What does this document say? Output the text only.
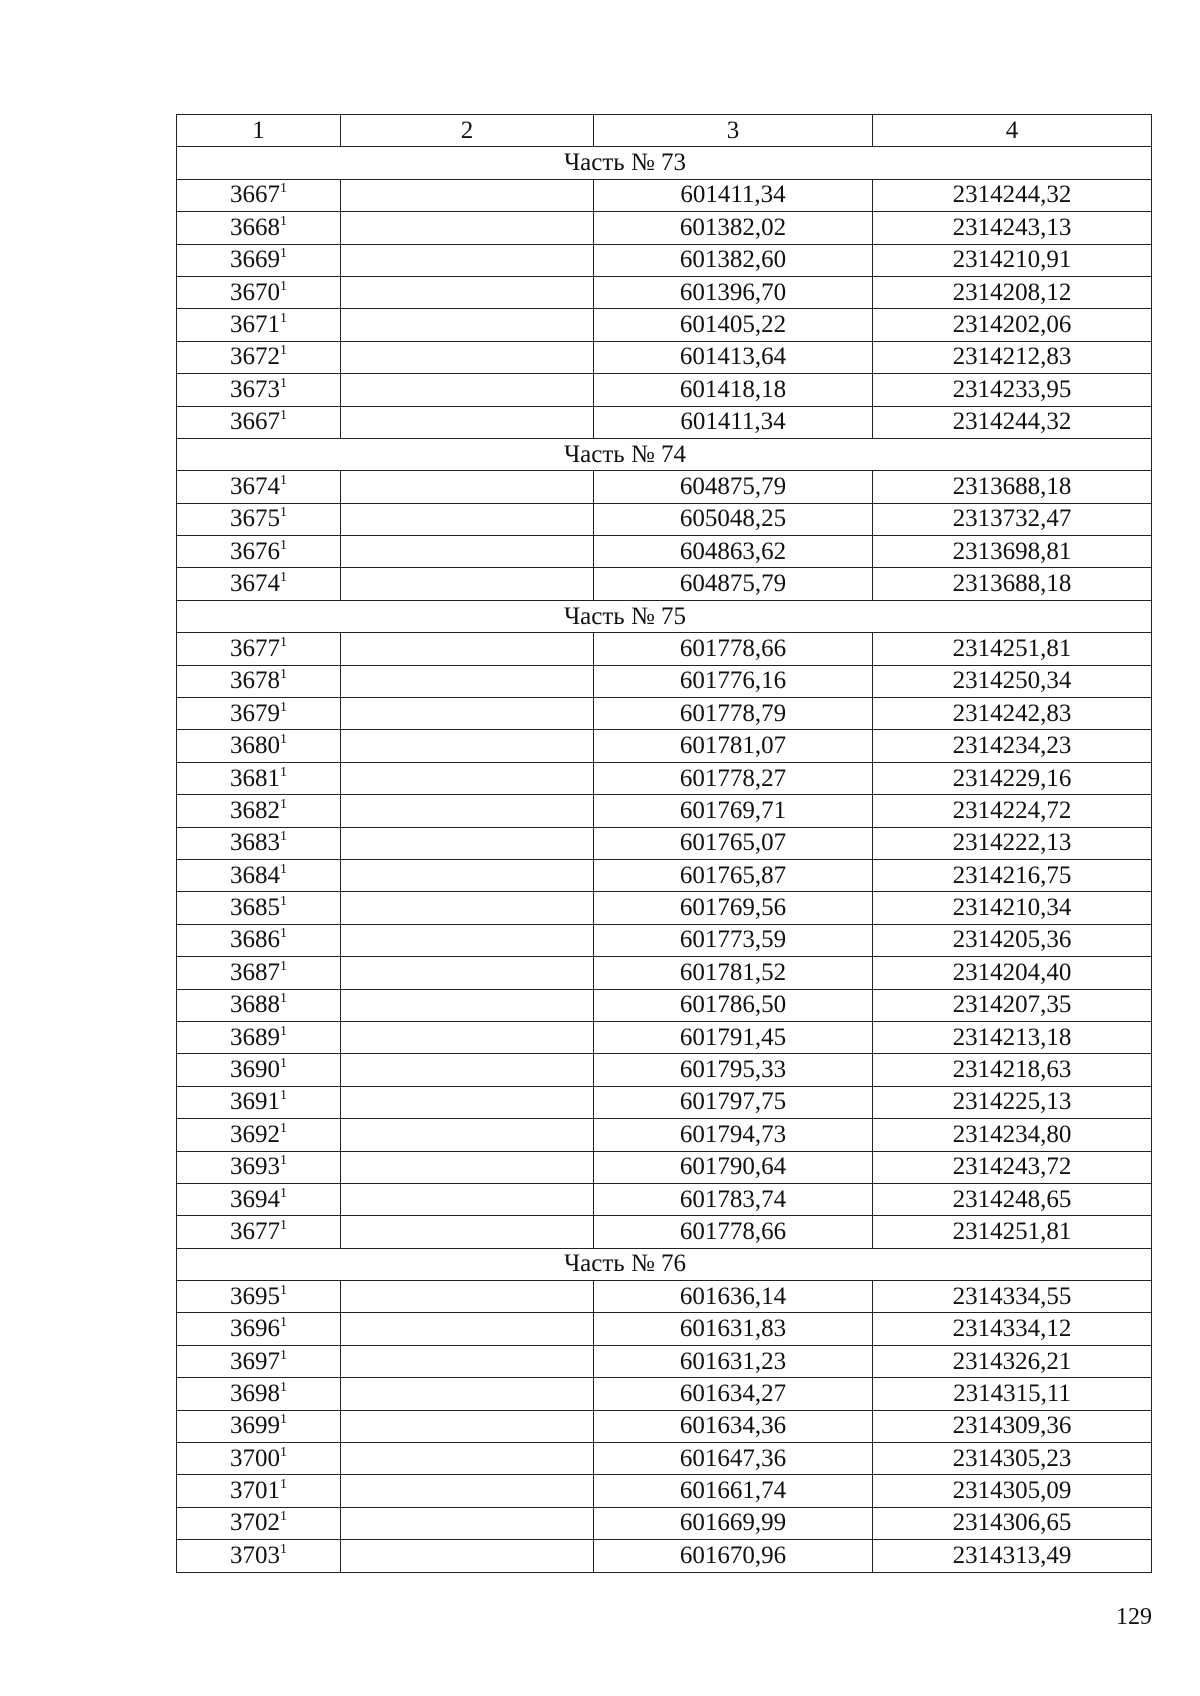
1	2	3	4
Часть № 73			
3667$^1$		601411,34	2314244,32
3668$^1$		601382,02	2314243,13
3669$^1$		601382,60	2314210,91
3670$^1$		601396,70	2314208,12
3671$^1$		601405,22	2314202,06
3672$^1$		601413,64	2314212,83
3673$^1$		601418,18	2314233,95
3667$^1$		601411,34	2314244,32
Часть № 74			
3674$^1$		604875,79	2313688,18
3675$^1$		605048,25	2313732,47
3676$^1$		604863,62	2313698,81
3674$^1$		604875,79	2313688,18
Часть № 75			
3677$^1$		601778,66	2314251,81
3678$^1$		601776,16	2314250,34
3679$^1$		601778,79	2314242,83
3680$^1$		601781,07	2314234,23
3681$^1$		601778,27	2314229,16
3682$^1$		601769,71	2314224,72
3683$^1$		601765,07	2314222,13
3684$^1$		601765,87	2314216,75
3685$^1$		601769,56	2314210,34
3686$^1$		601773,59	2314205,36
3687$^1$		601781,52	2314204,40
3688$^1$		601786,50	2314207,35
3689$^1$		601791,45	2314213,18
3690$^1$		601795,33	2314218,63
3691$^1$		601797,75	2314225,13
3692$^1$		601794,73	2314234,80
3693$^1$		601790,64	2314243,72
3694$^1$		601783,74	2314248,65
3677$^1$		601778,66	2314251,81
Часть № 76			
3695$^1$		601636,14	2314334,55
3696$^1$		601631,83	2314334,12
3697$^1$		601631,23	2314326,21
3698$^1$		601634,27	2314315,11
3699$^1$		601634,36	2314309,36
3700$^1$		601647,36	2314305,23
3701$^1$		601661,74	2314305,09
3702$^1$		601669,99	2314306,65
3703$^1$		601670,96	2314313,49
129
